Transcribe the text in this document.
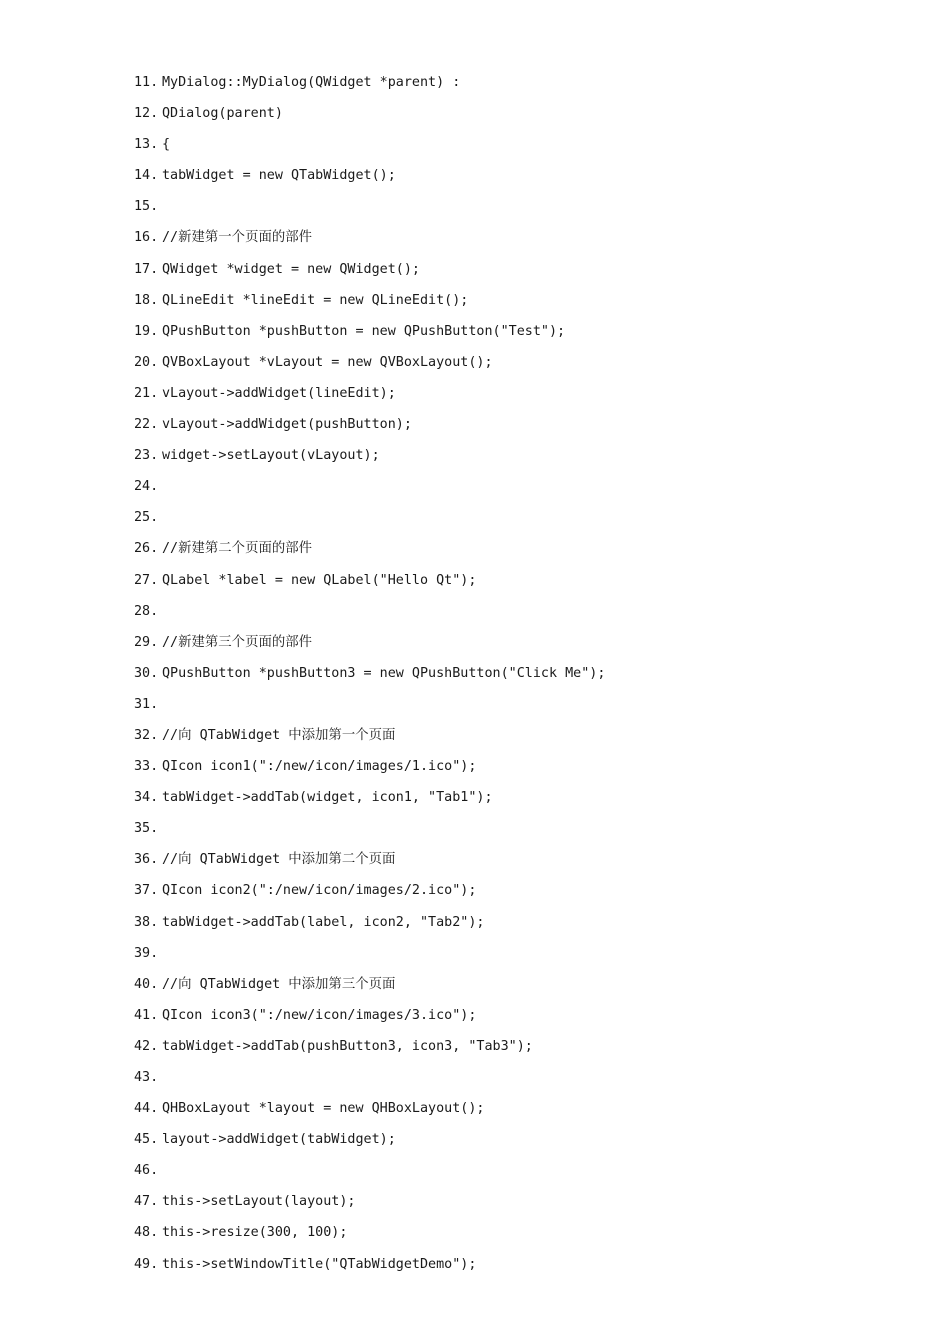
11. MyDialog::MyDialog(QWidget *parent) :
12. QDialog(parent)
13. {
14. tabWidget = new QTabWidget();
15.
16. //新建第一个页面的部件
17. QWidget *widget = new QWidget();
18. QLineEdit *lineEdit = new QLineEdit();
19. QPushButton *pushButton = new QPushButton("Test");
20. QVBoxLayout *vLayout = new QVBoxLayout();
21. vLayout->addWidget(lineEdit);
22. vLayout->addWidget(pushButton);
23. widget->setLayout(vLayout);
24.
25.
26. //新建第二个页面的部件
27. QLabel *label = new QLabel("Hello Qt");
28.
29. //新建第三个页面的部件
30. QPushButton *pushButton3 = new QPushButton("Click Me");
31.
32. //向 QTabWidget 中添加第一个页面
33. QIcon icon1(":/new/icon/images/1.ico");
34. tabWidget->addTab(widget, icon1, "Tab1");
35.
36. //向 QTabWidget 中添加第二个页面
37. QIcon icon2(":/new/icon/images/2.ico");
38. tabWidget->addTab(label, icon2, "Tab2");
39.
40. //向 QTabWidget 中添加第三个页面
41. QIcon icon3(":/new/icon/images/3.ico");
42. tabWidget->addTab(pushButton3, icon3, "Tab3");
43.
44. QHBoxLayout *layout = new QHBoxLayout();
45. layout->addWidget(tabWidget);
46.
47. this->setLayout(layout);
48. this->resize(300, 100);
49. this->setWindowTitle("QTabWidgetDemo");
